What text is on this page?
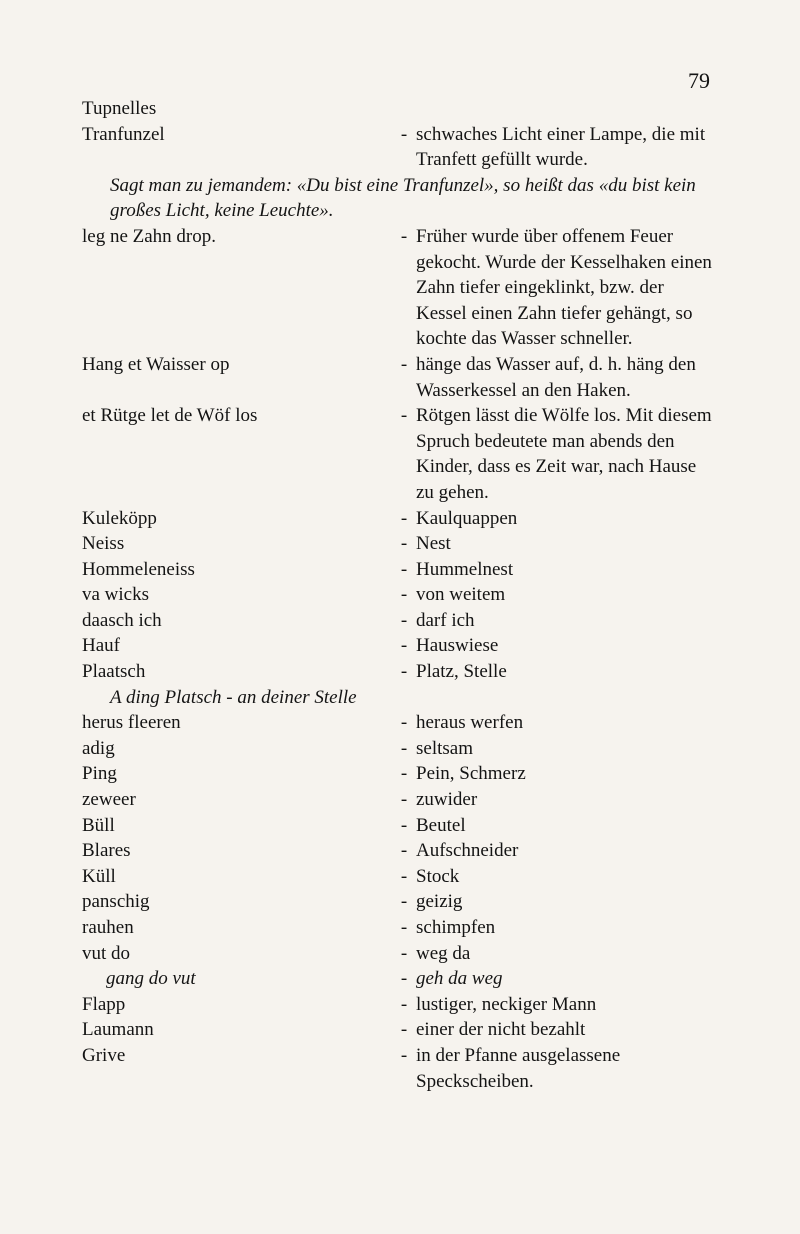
79
Tupnelles
Tranfunzel	- schwaches Licht einer Lampe, die mit Tranfett gefüllt wurde.
Sagt man zu jemandem: «Du bist eine Tranfunzel», so heißt das «du bist kein großes Licht, keine Leuchte».
leg ne Zahn drop.	- Früher wurde über offenem Feuer gekocht. Wurde der Kesselhaken einen Zahn tiefer eingeklinkt, bzw. der Kessel einen Zahn tiefer gehängt, so kochte das Wasser schneller.
Hang et Waisser op	- hänge das Wasser auf, d. h. häng den Wasserkessel an den Haken.
et Rütge let de Wöf los	- Rötgen lässt die Wölfe los. Mit diesem Spruch bedeutete man abends den Kinder, dass es Zeit war, nach Hause zu gehen.
Kuleköpp	- Kaulquappen
Neiss	- Nest
Hommeleneiss	- Hummelnest
va wicks	- von weitem
daasch ich	- darf ich
Hauf	- Hauswiese
Plaatsch	- Platz, Stelle
A ding Platsch - an deiner Stelle
herus fleeren	- heraus werfen
adig	- seltsam
Ping	- Pein, Schmerz
zeweer	- zuwider
Büll	- Beutel
Blares	- Aufschneider
Küll	- Stock
panschig	- geizig
rauhen	- schimpfen
vut do	- weg da
gang do vut	- geh da weg
Flapp	- lustiger, neckiger Mann
Laumann	- einer der nicht bezahlt
Grive	- in der Pfanne ausgelassene Speckscheiben.
